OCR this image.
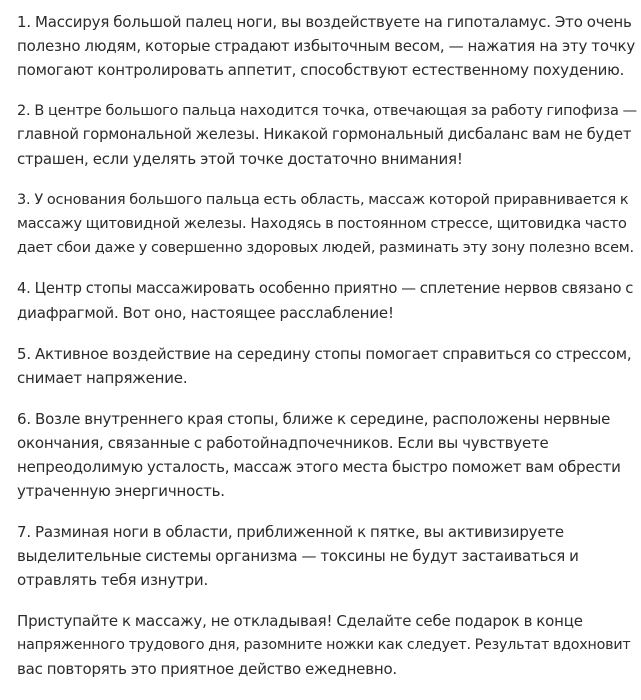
1. Массируя большой палец ноги, вы воздействуете на гипоталамус. Это очень
полезно людям, которые страдают избыточным весом, — нажатия на эту точку
помогают контролировать аппетит, способствуют естественному похудению.

2. В центре большого пальца находится точка, отвечающая за работу гипофиза —
главной гормональной железы. Никакой гормональный дисбаланс вам не будет
страшен, если уделять этой точке достаточно внимания!

3. У основания большого пальца есть область, массаж которой приравнивается к
массажу щитовидной железы. Находясь в постоянном стрессе, щитовидка часто
дает сбои даже у совершенно здоровых людей, разминать эту зону полезно всем.

4. Центр стопы массажировать особенно приятно — сплетение нервов связано с
диафрагмой. Вот оно, настоящее расслабление!

5. Активное воздействие на середину стопы помогает справиться со стрессом,
снимает напряжение.

6. Возле внутреннего края стопы, ближе к середине, расположены нервные
окончания, связанные с работойнадпочечников. Если вы чувствуете
непреодолимую усталость, массаж этого места быстро поможет вам обрести
утраченную энергичность.

7. Разминая ноги в области, приближенной к пятке, вы активизируете
выделительные системы организма — токсины не будут застаиваться и
отравлять тебя изнутри.

Приступайте к массажу, не откладывая! Сделайте себе подарок в конце
напряженного трудового дня, разомните ножки как следует. Результат вдохновит
вас повторять это приятное действо ежедневно.
